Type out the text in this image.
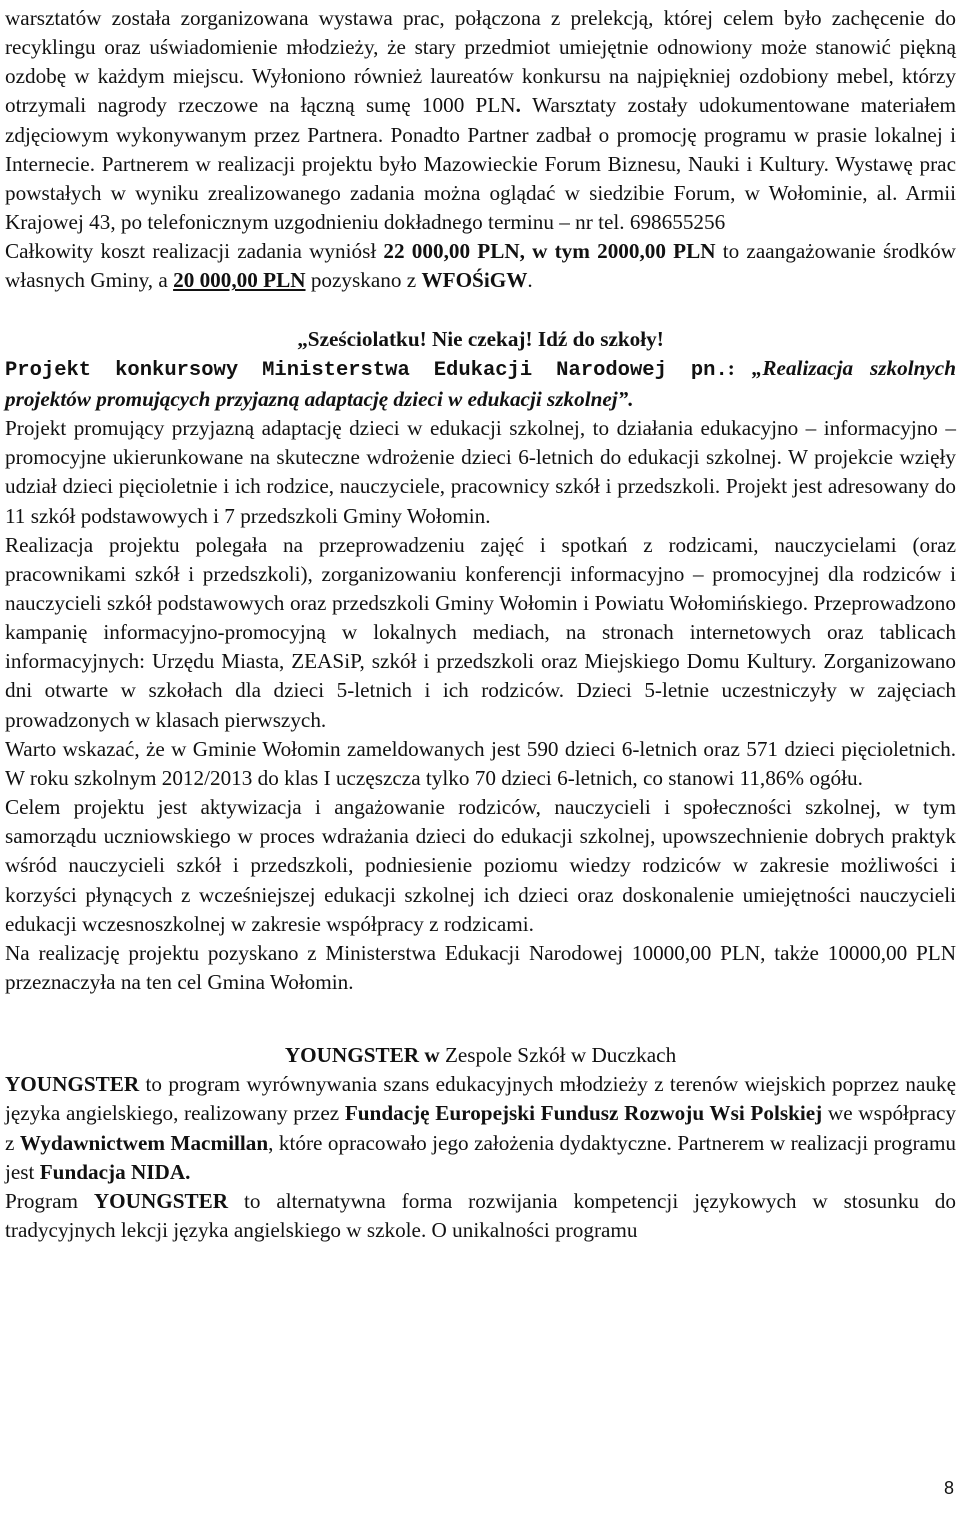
warsztatów została zorganizowana wystawa prac, połączona z prelekcją, której celem było zachęcenie do recyklingu oraz uświadomienie młodzieży, że stary przedmiot umiejętnie odnowiony może stanowić piękną ozdobę w każdym miejscu. Wyłoniono również laureatów konkursu na najpiękniej ozdobiony mebel, którzy otrzymali nagrody rzeczowe na łączną sumę 1000 PLN. Warsztaty zostały udokumentowane materiałem zdjęciowym wykonywanym przez Partnera. Ponadto Partner zadbał o promocję programu w prasie lokalnej i Internecie. Partnerem w realizacji projektu było Mazowieckie Forum Biznesu, Nauki i Kultury. Wystawę prac powstałych w wyniku zrealizowanego zadania można oglądać w siedzibie Forum, w Wołominie, al. Armii Krajowej 43, po telefonicznym uzgodnieniu dokładnego terminu – nr tel. 698655256

Całkowity koszt realizacji zadania wyniósł 22 000,00 PLN, w tym 2000,00 PLN to zaangażowanie środków własnych Gminy, a 20 000,00 PLN pozyskano z WFOŚiGW.

„Sześciolatku! Nie czekaj! Idź do szkoły!

Projekt konkursowy Ministerstwa Edukacji Narodowej pn.: „Realizacja szkolnych projektów promujących przyjazną adaptację dzieci w edukacji szkolnej”.

Projekt promujący przyjazną adaptację dzieci w edukacji szkolnej, to działania edukacyjno – informacyjno – promocyjne ukierunkowane na skuteczne wdrożenie dzieci 6-letnich do edukacji szkolnej. W projekcie wzięły udział dzieci pięcioletnie i ich rodzice, nauczyciele, pracownicy szkół i przedszkoli. Projekt jest adresowany do 11 szkół podstawowych i 7 przedszkoli Gminy Wołomin.

Realizacja projektu polegała na przeprowadzeniu zajęć i spotkań z rodzicami, nauczycielami (oraz pracownikami szkół i przedszkoli), zorganizowaniu konferencji informacyjno – promocyjnej dla rodziców i nauczycieli szkół podstawowych oraz przedszkoli Gminy Wołomin i Powiatu Wołomińskiego. Przeprowadzono kampanię informacyjno-promocyjną w lokalnych mediach, na stronach internetowych oraz tablicach informacyjnych: Urzędu Miasta, ZEASiP, szkół i przedszkoli oraz Miejskiego Domu Kultury. Zorganizowano dni otwarte w szkołach dla dzieci 5-letnich i ich rodziców. Dzieci 5-letnie uczestniczyły w zajęciach prowadzonych w klasach pierwszych.

Warto wskazać, że w Gminie Wołomin zameldowanych jest 590 dzieci 6-letnich oraz 571 dzieci pięcioletnich. W roku szkolnym 2012/2013 do klas I uczęszcza tylko 70 dzieci 6-letnich, co stanowi 11,86% ogółu.

Celem projektu jest aktywizacja i angażowanie rodziców, nauczycieli i społeczności szkolnej, w tym samorządu uczniowskiego w proces wdrażania dzieci do edukacji szkolnej, upowszechnienie dobrych praktyk wśród nauczycieli szkół i przedszkoli, podniesienie poziomu wiedzy rodziców w zakresie możliwości i korzyści płynących z wcześniejszej edukacji szkolnej ich dzieci oraz doskonalenie umiejętności nauczycieli edukacji wczesnoszkolnej w zakresie współpracy z rodzicami.

Na realizację projektu pozyskano z Ministerstwa Edukacji Narodowej 10000,00 PLN, także 10000,00 PLN przeznaczyła na ten cel Gmina Wołomin.

YOUNGSTER w Zespole Szkół w Duczkach

YOUNGSTER to program wyrównywania szans edukacyjnych młodzieży z terenów wiejskich poprzez naukę języka angielskiego, realizowany przez Fundację Europejski Fundusz Rozwoju Wsi Polskiej we współpracy z Wydawnictwem Macmillan, które opracowało jego założenia dydaktyczne. Partnerem w realizacji programu jest Fundacja NIDA.

Program YOUNGSTER to alternatywna forma rozwijania kompetencji językowych w stosunku do tradycyjnych lekcji języka angielskiego w szkole. O unikalności programu

8
